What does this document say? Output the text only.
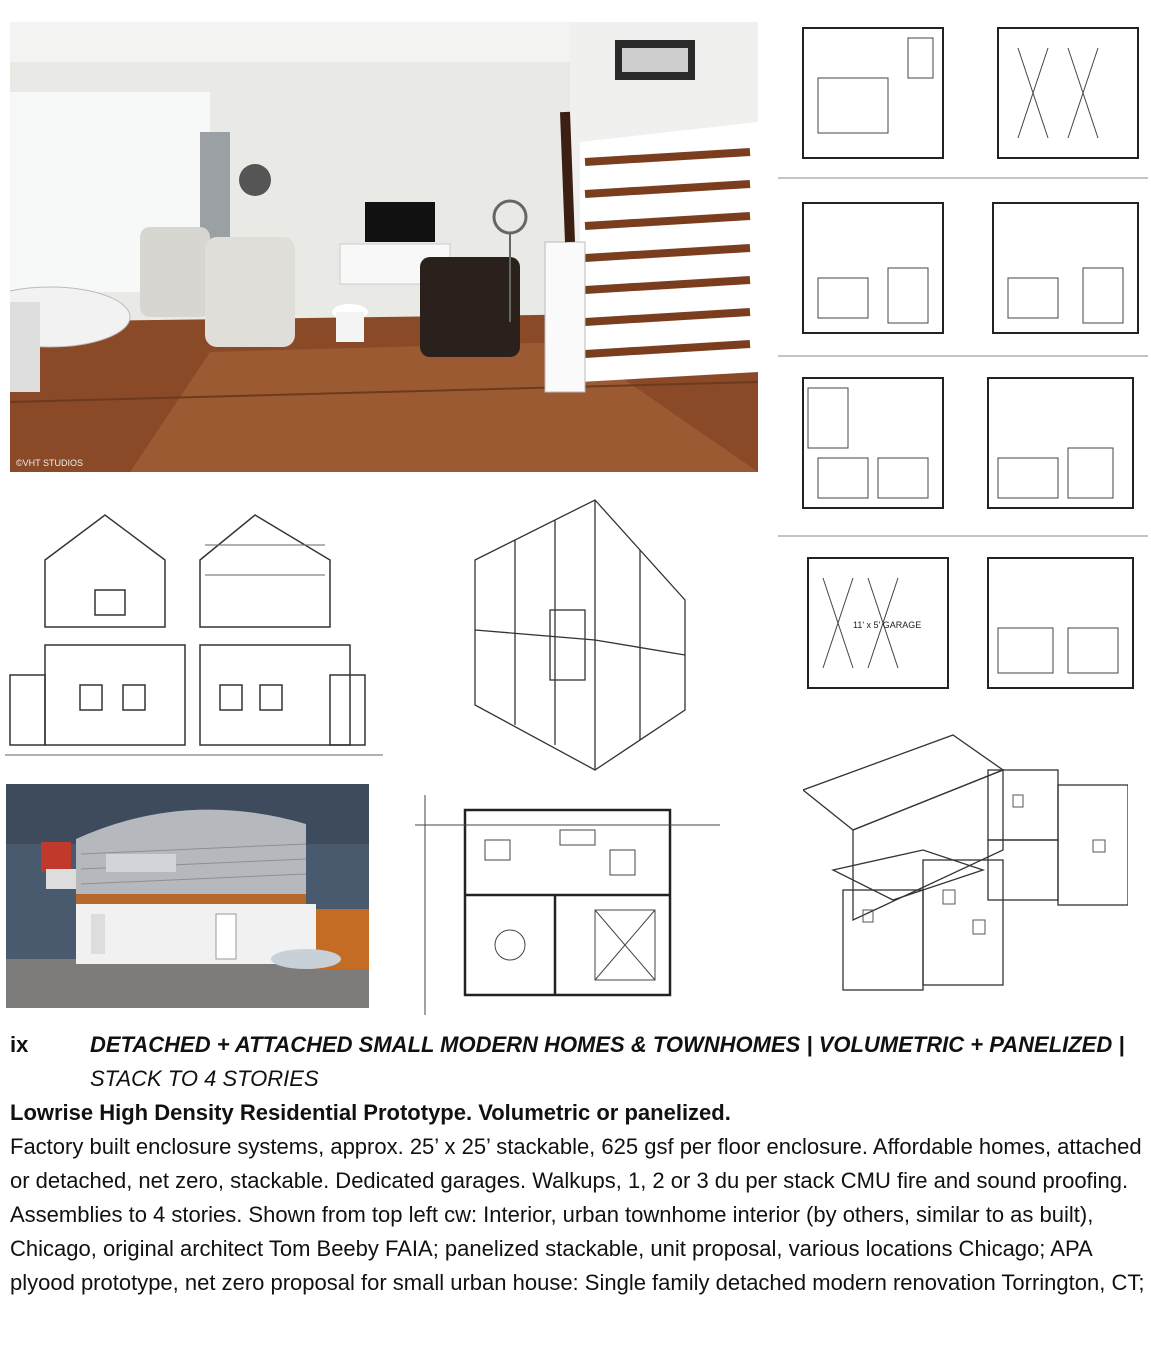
©VHT STUDIOS
11' x 5' GARAGE
ix	DETACHED + ATTACHED SMALL MODERN HOMES & TOWNHOMES | VOLUMETRIC + PANELIZED | STACK TO 4 STORIES
Lowrise High Density Residential Prototype. Volumetric or panelized.

Factory built enclosure systems, approx. 25’ x 25’ stackable, 625 gsf per floor enclosure. Affordable homes, attached or detached, net zero, stackable. Dedicated garages. Walkups, 1, 2 or 3 du per stack CMU fire and sound proofing. Assemblies to 4 stories. Shown from top left cw: Interior, urban townhome interior (by others, similar to as built), Chicago, original architect Tom Beeby FAIA; panelized stackable, unit proposal, various locations Chicago; APA plyood prototype, net zero proposal for small urban house: Single family detached modern renovation Torrington, CT;
